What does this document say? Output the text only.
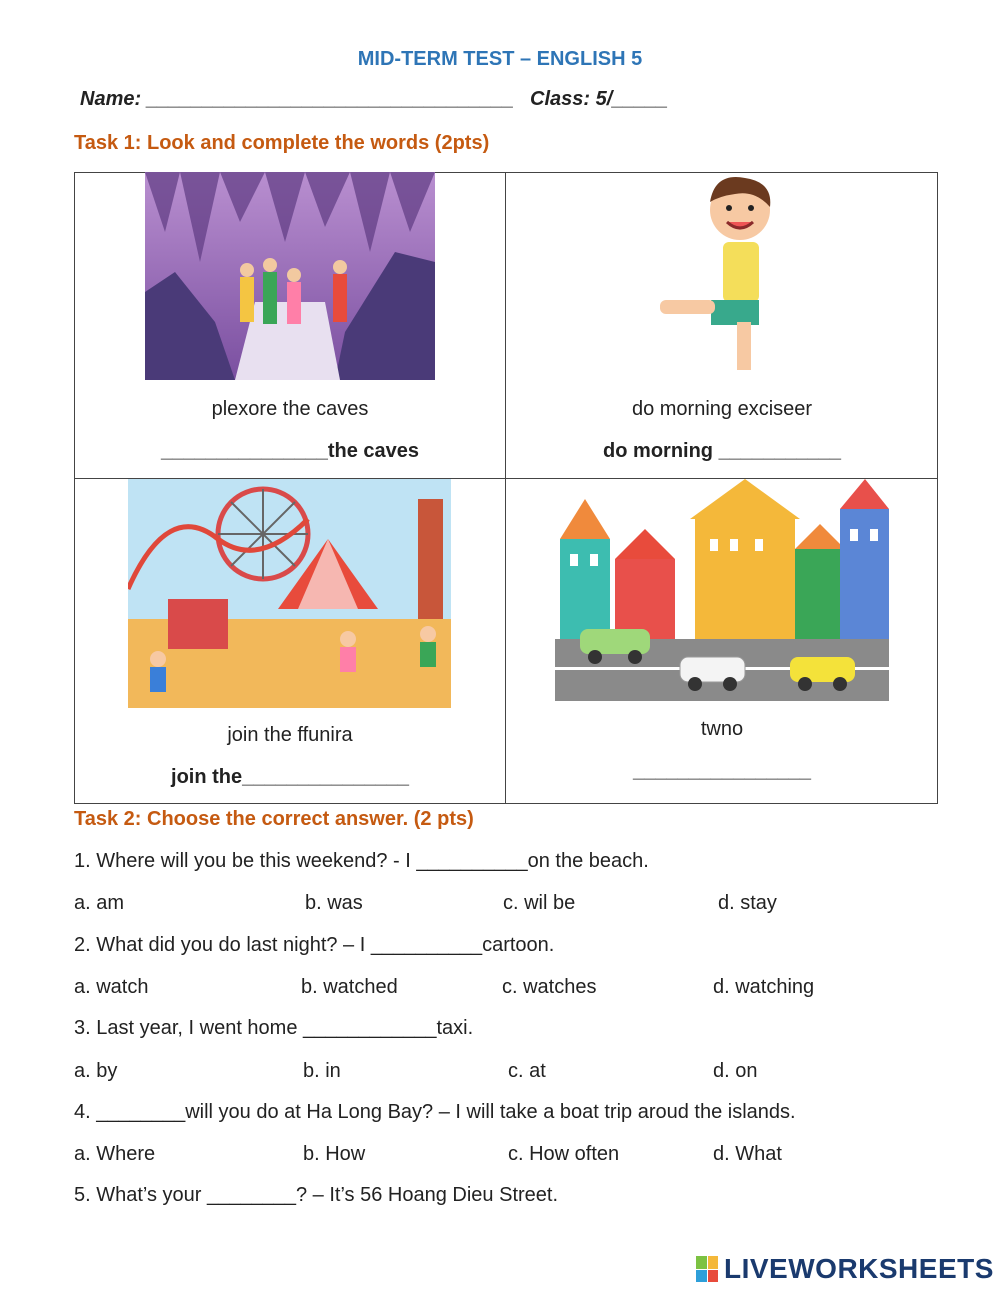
MID-TERM TEST – ENGLISH 5
Name: _________________________________ Class: 5/_____
Task 1: Look and complete the words (2pts)
plexore the caves
_______________the caves
do morning exciseer
do morning ___________
join the ffunira
join the_______________
twno
________________
Task 2: Choose the correct answer. (2 pts)
1. Where will you be this weekend? - I __________on the beach.
a. am	b. was	c. wil be	d. stay
2. What did you do last night? – I __________cartoon.
a. watch	b. watched	c. watches	d. watching
3. Last year, I went home ____________taxi.
a. by	b. in	c. at	d. on
4. ________will you do at Ha Long Bay? – I will take a boat trip aroud the islands.
a. Where	b. How	c. How often	d. What
5. What’s your ________? – It’s 56 Hoang Dieu Street.
LIVEWORKSHEETS
